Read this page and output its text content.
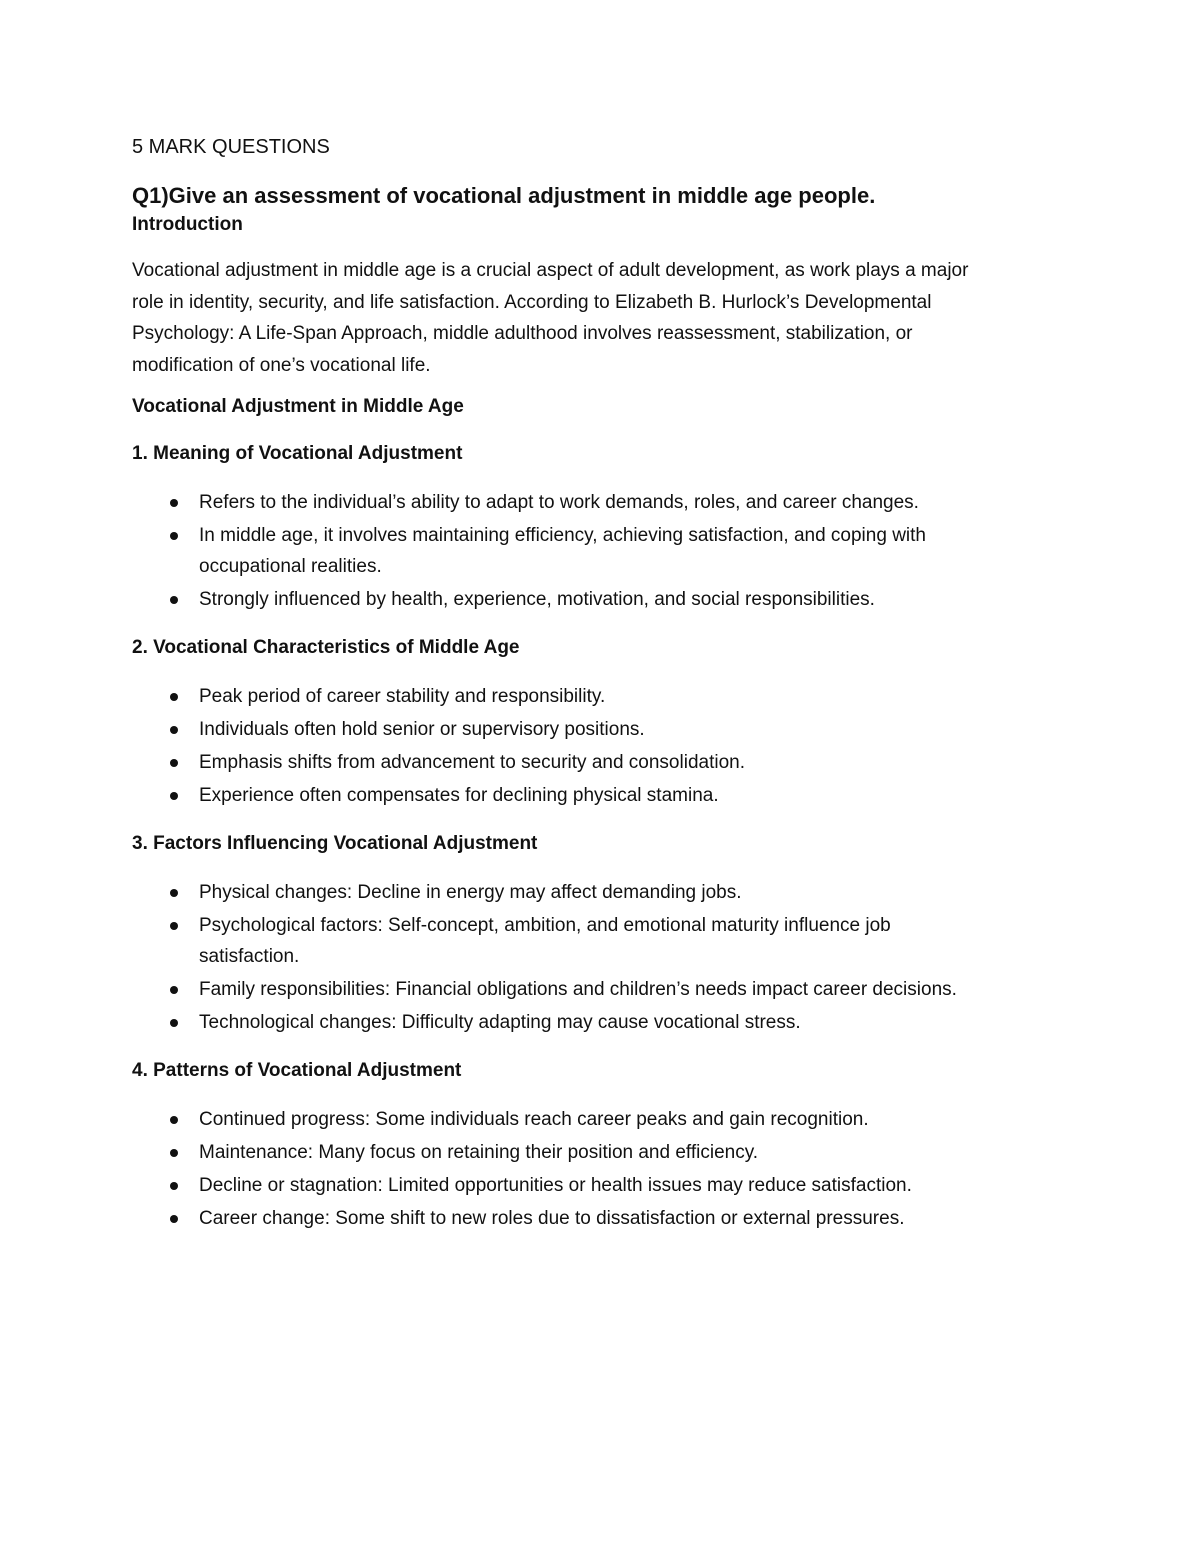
5 MARK QUESTIONS

Q1)Give an assessment of vocational adjustment in middle age people.

Introduction

Vocational adjustment in middle age is a crucial aspect of adult development, as work plays a major role in identity, security, and life satisfaction. According to Elizabeth B. Hurlock’s Developmental Psychology: A Life-Span Approach, middle adulthood involves reassessment, stabilization, or modification of one’s vocational life.

Vocational Adjustment in Middle Age

1. Meaning of Vocational Adjustment

Refers to the individual’s ability to adapt to work demands, roles, and career changes.
In middle age, it involves maintaining efficiency, achieving satisfaction, and coping with occupational realities.
Strongly influenced by health, experience, motivation, and social responsibilities.

2. Vocational Characteristics of Middle Age

Peak period of career stability and responsibility.
Individuals often hold senior or supervisory positions.
Emphasis shifts from advancement to security and consolidation.
Experience often compensates for declining physical stamina.

3. Factors Influencing Vocational Adjustment

Physical changes: Decline in energy may affect demanding jobs.
Psychological factors: Self-concept, ambition, and emotional maturity influence job satisfaction.
Family responsibilities: Financial obligations and children’s needs impact career decisions.
Technological changes: Difficulty adapting may cause vocational stress.

4. Patterns of Vocational Adjustment

Continued progress: Some individuals reach career peaks and gain recognition.
Maintenance: Many focus on retaining their position and efficiency.
Decline or stagnation: Limited opportunities or health issues may reduce satisfaction.
Career change: Some shift to new roles due to dissatisfaction or external pressures.
